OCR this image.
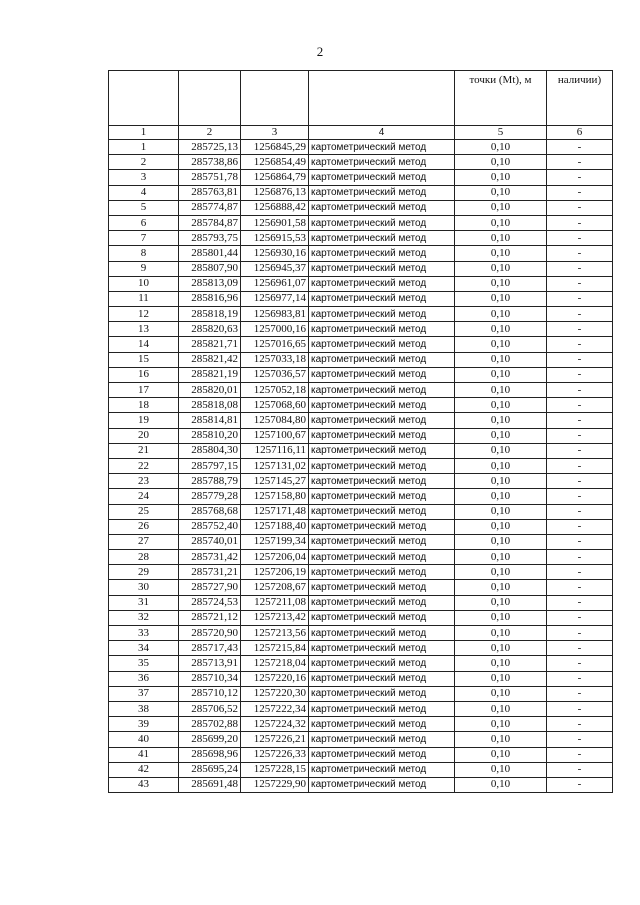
2
				точки (Mt), м	наличии)
1	2	3	4	5	6
1	285725,13	1256845,29	картометрический метод	0,10	-
2	285738,86	1256854,49	картометрический метод	0,10	-
3	285751,78	1256864,79	картометрический метод	0,10	-
4	285763,81	1256876,13	картометрический метод	0,10	-
5	285774,87	1256888,42	картометрический метод	0,10	-
6	285784,87	1256901,58	картометрический метод	0,10	-
7	285793,75	1256915,53	картометрический метод	0,10	-
8	285801,44	1256930,16	картометрический метод	0,10	-
9	285807,90	1256945,37	картометрический метод	0,10	-
10	285813,09	1256961,07	картометрический метод	0,10	-
11	285816,96	1256977,14	картометрический метод	0,10	-
12	285818,19	1256983,81	картометрический метод	0,10	-
13	285820,63	1257000,16	картометрический метод	0,10	-
14	285821,71	1257016,65	картометрический метод	0,10	-
15	285821,42	1257033,18	картометрический метод	0,10	-
16	285821,19	1257036,57	картометрический метод	0,10	-
17	285820,01	1257052,18	картометрический метод	0,10	-
18	285818,08	1257068,60	картометрический метод	0,10	-
19	285814,81	1257084,80	картометрический метод	0,10	-
20	285810,20	1257100,67	картометрический метод	0,10	-
21	285804,30	1257116,11	картометрический метод	0,10	-
22	285797,15	1257131,02	картометрический метод	0,10	-
23	285788,79	1257145,27	картометрический метод	0,10	-
24	285779,28	1257158,80	картометрический метод	0,10	-
25	285768,68	1257171,48	картометрический метод	0,10	-
26	285752,40	1257188,40	картометрический метод	0,10	-
27	285740,01	1257199,34	картометрический метод	0,10	-
28	285731,42	1257206,04	картометрический метод	0,10	-
29	285731,21	1257206,19	картометрический метод	0,10	-
30	285727,90	1257208,67	картометрический метод	0,10	-
31	285724,53	1257211,08	картометрический метод	0,10	-
32	285721,12	1257213,42	картометрический метод	0,10	-
33	285720,90	1257213,56	картометрический метод	0,10	-
34	285717,43	1257215,84	картометрический метод	0,10	-
35	285713,91	1257218,04	картометрический метод	0,10	-
36	285710,34	1257220,16	картометрический метод	0,10	-
37	285710,12	1257220,30	картометрический метод	0,10	-
38	285706,52	1257222,34	картометрический метод	0,10	-
39	285702,88	1257224,32	картометрический метод	0,10	-
40	285699,20	1257226,21	картометрический метод	0,10	-
41	285698,96	1257226,33	картометрический метод	0,10	-
42	285695,24	1257228,15	картометрический метод	0,10	-
43	285691,48	1257229,90	картометрический метод	0,10	-
